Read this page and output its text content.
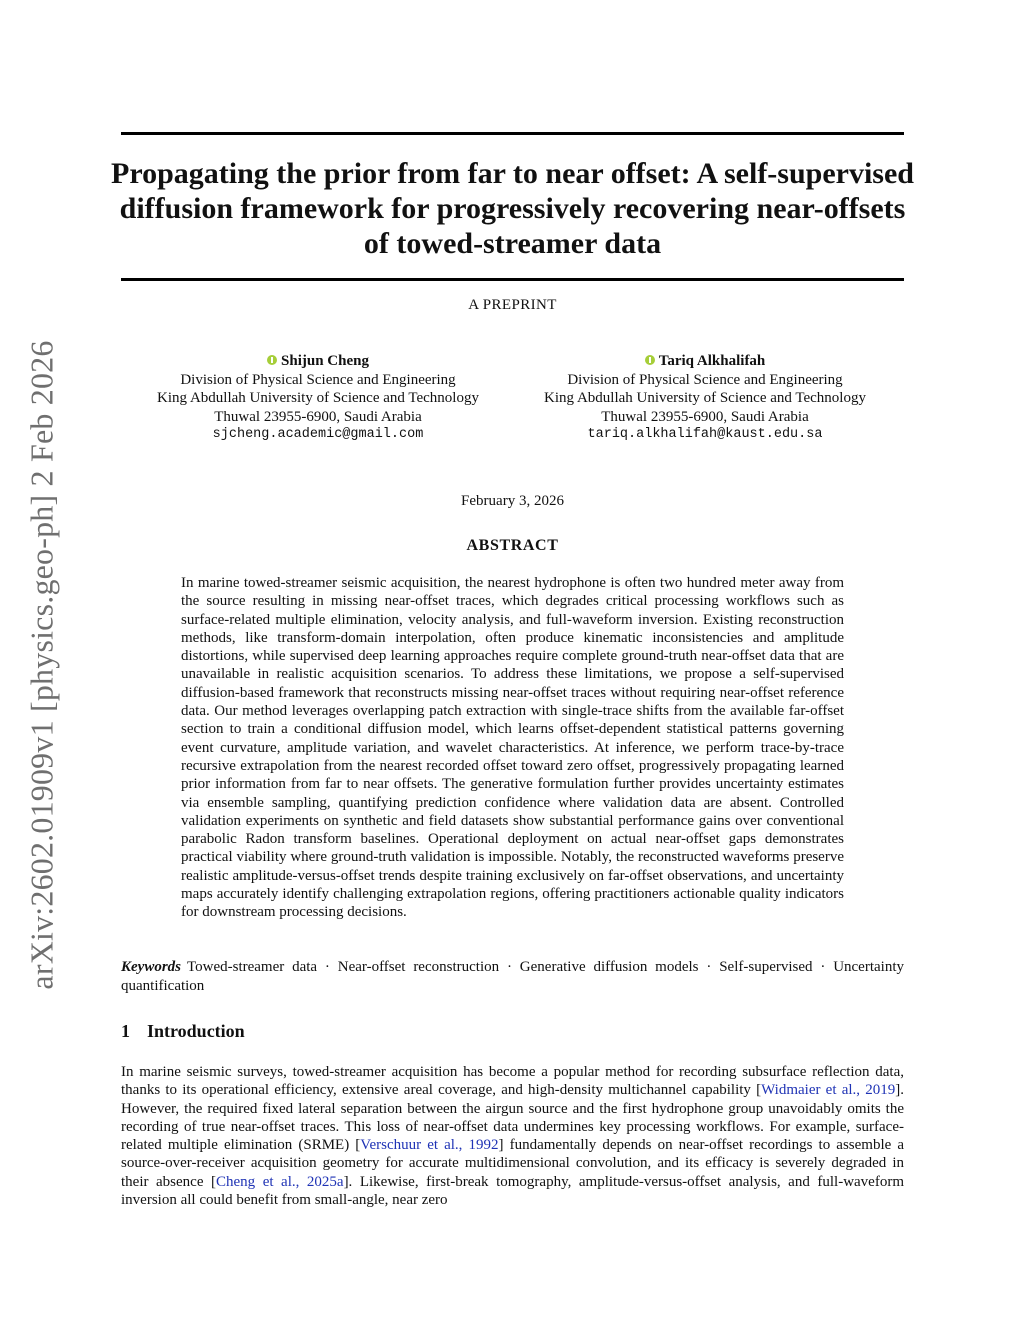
arXiv:2602.01909v1 [physics.geo-ph] 2 Feb 2026
Propagating the prior from far to near offset: A self-supervised diffusion framework for progressively recovering near-offsets of towed-streamer data
A PREPRINT
Shijun Cheng
Division of Physical Science and Engineering
King Abdullah University of Science and Technology
Thuwal 23955-6900, Saudi Arabia
sjcheng.academic@gmail.com
Tariq Alkhalifah
Division of Physical Science and Engineering
King Abdullah University of Science and Technology
Thuwal 23955-6900, Saudi Arabia
tariq.alkhalifah@kaust.edu.sa
February 3, 2026
ABSTRACT

In marine towed-streamer seismic acquisition, the nearest hydrophone is often two hundred meter away from the source resulting in missing near-offset traces, which degrades critical processing workflows such as surface-related multiple elimination, velocity analysis, and full-waveform inversion. Existing reconstruction methods, like transform-domain interpolation, often produce kinematic inconsistencies and amplitude distortions, while supervised deep learning approaches require complete ground-truth near-offset data that are unavailable in realistic acquisition scenarios. To address these limitations, we propose a self-supervised diffusion-based framework that reconstructs missing near-offset traces without requiring near-offset reference data. Our method leverages overlapping patch extraction with single-trace shifts from the available far-offset section to train a conditional diffusion model, which learns offset-dependent statistical patterns governing event curvature, amplitude variation, and wavelet characteristics. At inference, we perform trace-by-trace recursive extrapolation from the nearest recorded offset toward zero offset, progressively propagating learned prior information from far to near offsets. The generative formulation further provides uncertainty estimates via ensemble sampling, quantifying prediction confidence where validation data are absent. Controlled validation experiments on synthetic and field datasets show substantial performance gains over conventional parabolic Radon transform baselines. Operational deployment on actual near-offset gaps demonstrates practical viability where ground-truth validation is impossible. Notably, the reconstructed waveforms preserve realistic amplitude-versus-offset trends despite training exclusively on far-offset observations, and uncertainty maps accurately identify challenging extrapolation regions, offering practitioners actionable quality indicators for downstream processing decisions.

Keywords Towed-streamer data · Near-offset reconstruction · Generative diffusion models · Self-supervised · Uncertainty quantification

1 Introduction

In marine seismic surveys, towed-streamer acquisition has become a popular method for recording subsurface reflection data, thanks to its operational efficiency, extensive areal coverage, and high-density multichannel capability [Widmaier et al., 2019]. However, the required fixed lateral separation between the airgun source and the first hydrophone group unavoidably omits the recording of true near-offset traces. This loss of near-offset data undermines key processing workflows. For example, surface-related multiple elimination (SRME) [Verschuur et al., 1992] fundamentally depends on near-offset recordings to assemble a source-over-receiver acquisition geometry for accurate multidimensional convolution, and its efficacy is severely degraded in their absence [Cheng et al., 2025a]. Likewise, first-break tomography, amplitude-versus-offset analysis, and full-waveform inversion all could benefit from small-angle, near zero
